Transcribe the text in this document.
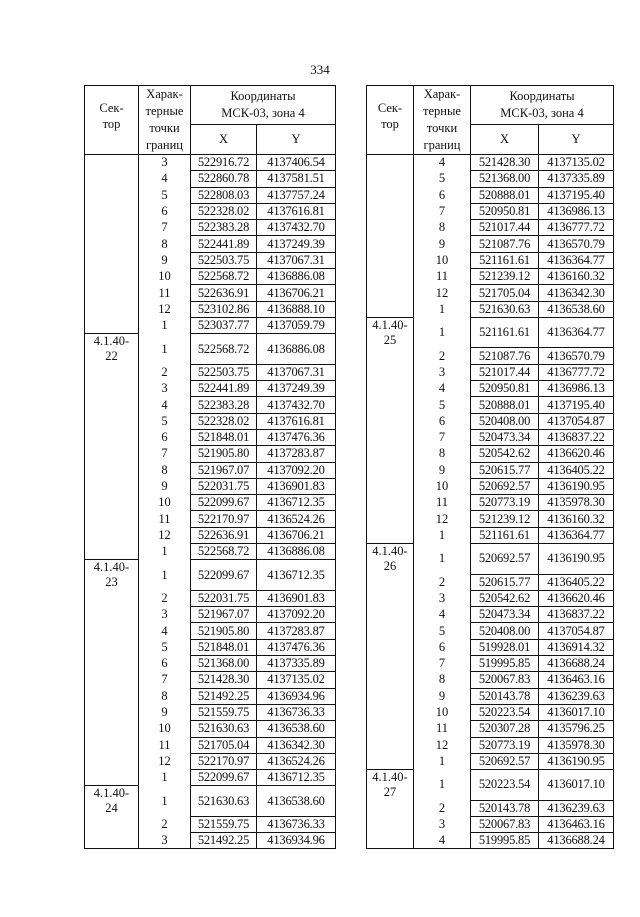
334
Сек-
тор	Харак-
терные
точки
границ	Координаты
МСК-03, зона 4	
		X	Y
	3	522916.72	4137406.54
	4	522860.78	4137581.51
	5	522808.03	4137757.24
	6	522328.02	4137616.81
	7	522383.28	4137432.70
	8	522441.89	4137249.39
	9	522503.75	4137067.31
	10	522568.72	4136886.08
	11	522636.91	4136706.21
	12	523102.86	4136888.10
	1	523037.77	4137059.79
4.1.40-
22	1	522568.72	4136886.08
	2	522503.75	4137067.31
	3	522441.89	4137249.39
	4	522383.28	4137432.70
	5	522328.02	4137616.81
	6	521848.01	4137476.36
	7	521905.80	4137283.87
	8	521967.07	4137092.20
	9	522031.75	4136901.83
	10	522099.67	4136712.35
	11	522170.97	4136524.26
	12	522636.91	4136706.21
	1	522568.72	4136886.08
4.1.40-
23	1	522099.67	4136712.35
	2	522031.75	4136901.83
	3	521967.07	4137092.20
	4	521905.80	4137283.87
	5	521848.01	4137476.36
	6	521368.00	4137335.89
	7	521428.30	4137135.02
	8	521492.25	4136934.96
	9	521559.75	4136736.33
	10	521630.63	4136538.60
	11	521705.04	4136342.30
	12	522170.97	4136524.26
	1	522099.67	4136712.35
4.1.40-
24	1	521630.63	4136538.60
	2	521559.75	4136736.33
	3	521492.25	4136934.96
Сек-
тор	Харак-
терные
точки
границ	Координаты
МСК-03, зона 4	
		X	Y
	4	521428.30	4137135.02
	5	521368.00	4137335.89
	6	520888.01	4137195.40
	7	520950.81	4136986.13
	8	521017.44	4136777.72
	9	521087.76	4136570.79
	10	521161.61	4136364.77
	11	521239.12	4136160.32
	12	521705.04	4136342.30
	1	521630.63	4136538.60
4.1.40-
25	1	521161.61	4136364.77
	2	521087.76	4136570.79
	3	521017.44	4136777.72
	4	520950.81	4136986.13
	5	520888.01	4137195.40
	6	520408.00	4137054.87
	7	520473.34	4136837.22
	8	520542.62	4136620.46
	9	520615.77	4136405.22
	10	520692.57	4136190.95
	11	520773.19	4135978.30
	12	521239.12	4136160.32
	1	521161.61	4136364.77
4.1.40-
26	1	520692.57	4136190.95
	2	520615.77	4136405.22
	3	520542.62	4136620.46
	4	520473.34	4136837.22
	5	520408.00	4137054.87
	6	519928.01	4136914.32
	7	519995.85	4136688.24
	8	520067.83	4136463.16
	9	520143.78	4136239.63
	10	520223.54	4136017.10
	11	520307.28	4135796.25
	12	520773.19	4135978.30
	1	520692.57	4136190.95
4.1.40-
27	1	520223.54	4136017.10
	2	520143.78	4136239.63
	3	520067.83	4136463.16
	4	519995.85	4136688.24
